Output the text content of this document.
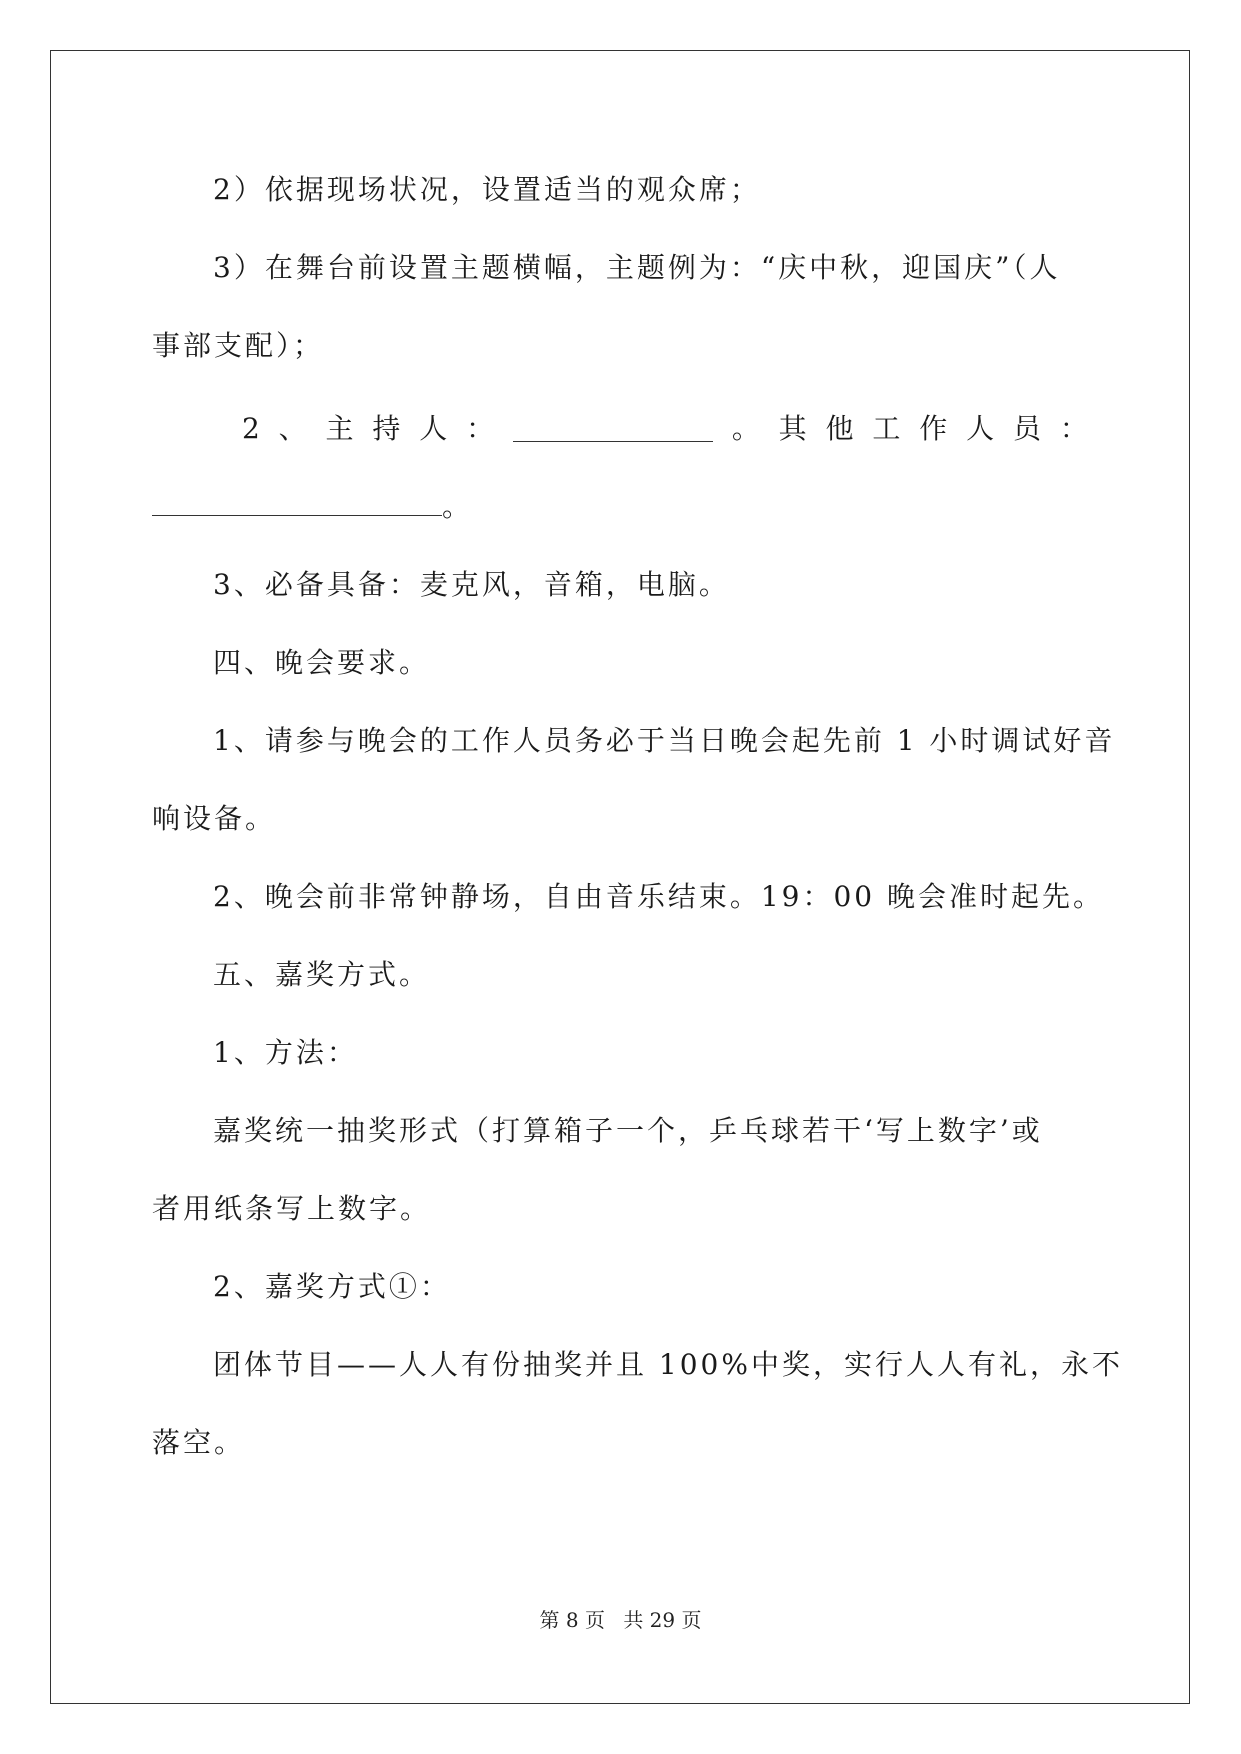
2）依据现场状况，设置适当的观众席；
3）在舞台前设置主题横幅，主题例为：“庆中秋，迎国庆”（人
事部支配）；
2 、 主 持 人 ：	。 其 他 工 作 人 员 ：
。
3、必备具备：麦克风，音箱，电脑。
四、晚会要求。
1、请参与晚会的工作人员务必于当日晚会起先前 1 小时调试好音
响设备。
2、晚会前非常钟静场，自由音乐结束。19：00 晚会准时起先。
五、嘉奖方式。
1、方法：
嘉奖统一抽奖形式（打算箱子一个，乒乓球若干‘写上数字’或
者用纸条写上数字。
2、嘉奖方式①：
团体节目——人人有份抽奖并且 100%中奖，实行人人有礼，永不
落空。
第 8 页 共 29 页
